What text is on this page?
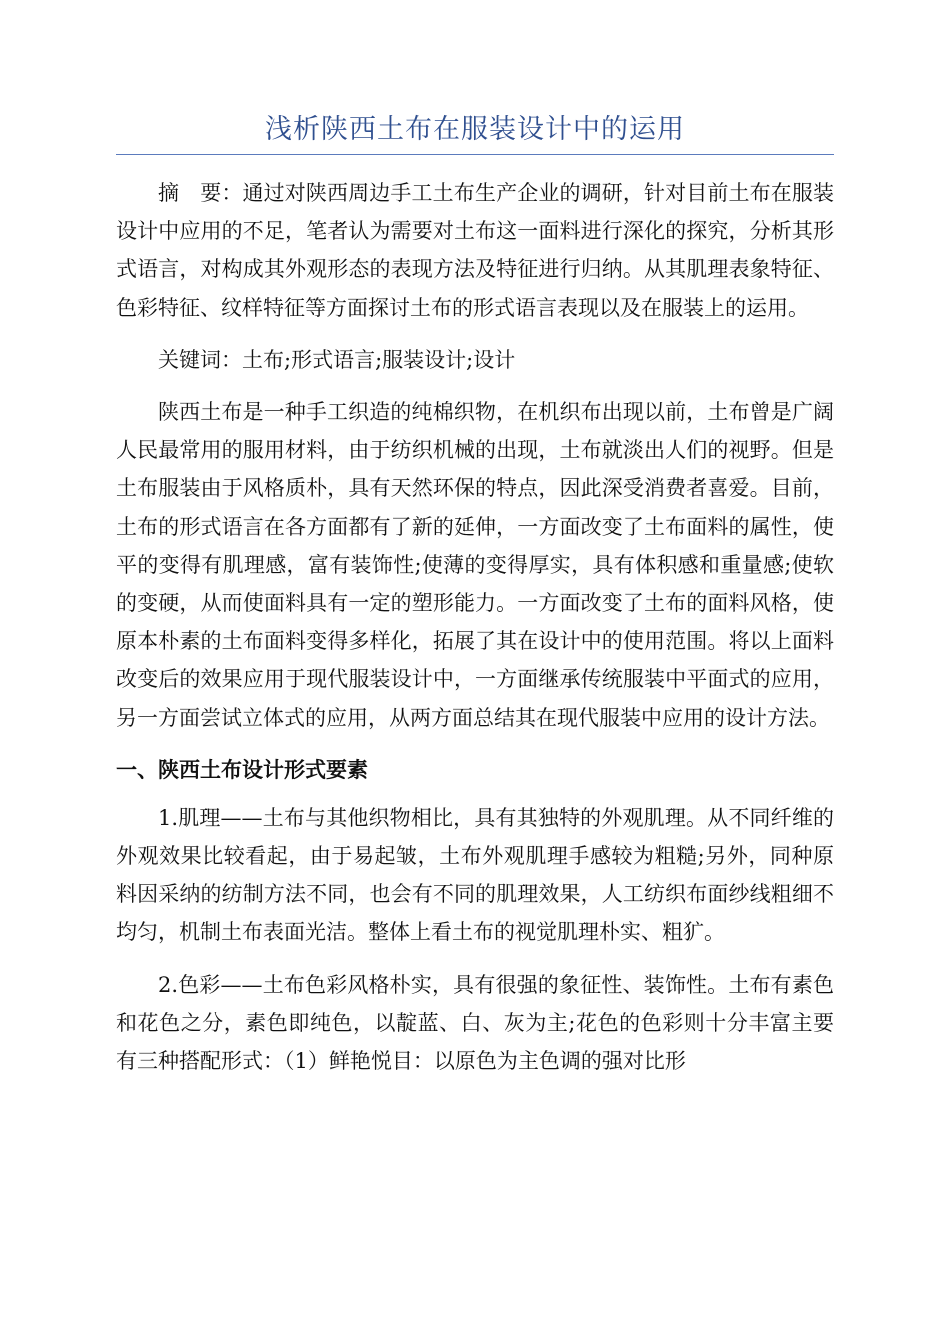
浅析陕西土布在服装设计中的运用

摘　要：通过对陕西周边手工土布生产企业的调研，针对目前土布在服装设计中应用的不足，笔者认为需要对土布这一面料进行深化的探究，分析其形式语言，对构成其外观形态的表现方法及特征进行归纳。从其肌理表象特征、色彩特征、纹样特征等方面探讨土布的形式语言表现以及在服装上的运用。

关键词：土布;形式语言;服装设计;设计

陕西土布是一种手工织造的纯棉织物，在机织布出现以前，土布曾是广阔人民最常用的服用材料，由于纺织机械的出现，土布就淡出人们的视野。但是土布服装由于风格质朴，具有天然环保的特点，因此深受消费者喜爱。目前，土布的形式语言在各方面都有了新的延伸，一方面改变了土布面料的属性，使平的变得有肌理感，富有装饰性;使薄的变得厚实，具有体积感和重量感;使软的变硬，从而使面料具有一定的塑形能力。一方面改变了土布的面料风格，使原本朴素的土布面料变得多样化，拓展了其在设计中的使用范围。将以上面料改变后的效果应用于现代服装设计中，一方面继承传统服装中平面式的应用，另一方面尝试立体式的应用，从两方面总结其在现代服装中应用的设计方法。

一、陕西土布设计形式要素

1.肌理——土布与其他织物相比，具有其独特的外观肌理。从不同纤维的外观效果比较看起，由于易起皱，土布外观肌理手感较为粗糙;另外，同种原料因采纳的纺制方法不同，也会有不同的肌理效果，人工纺织布面纱线粗细不均匀，机制土布表面光洁。整体上看土布的视觉肌理朴实、粗犷。

2.色彩——土布色彩风格朴实，具有很强的象征性、装饰性。土布有素色和花色之分，素色即纯色，以靛蓝、白、灰为主;花色的色彩则十分丰富主要有三种搭配形式：（1）鲜艳悦目：以原色为主色调的强对比形
